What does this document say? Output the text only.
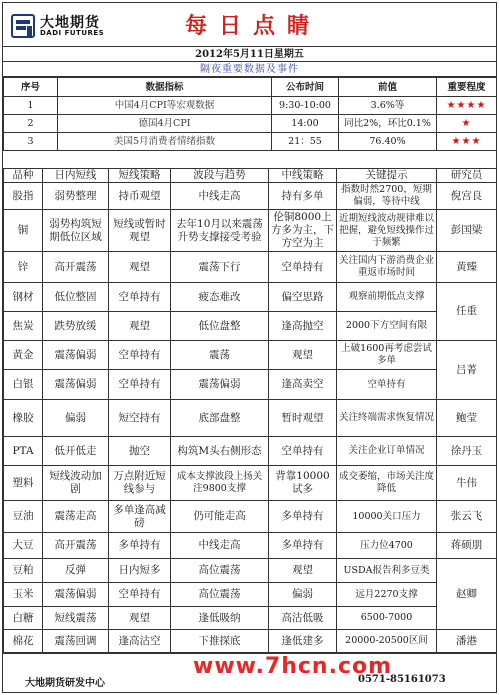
大地期货
DADI FUTURES	每日点睛
2012年5月11日星期五
隔夜重要数据及事件
序号	数据指标	公布时间	前值	重要程度
1	中国4月CPI等宏观数据	9:30-10:00	3.6%等	★★★★
2	德国4月CPI	14:00	同比2%，环比0.1%	★
3	美国5月消费者情绪指数	21：55	76.40%	★★★
品种	日内短线	短线策略	波段与趋势	中线策略	关键提示	研究员
股指	弱势整理	持币观望	中线走高	持有多单	指数时然2700，短期偏弱，等待中线	倪宫良
铜	弱势构筑短期低位区域	短线或暂时观望	去年10月以来震荡升势支撑接受考验	伦铜8000上方多为主，下方空为主	近期短线波动规律难以把握，避免短线操作过于频繁	彭国梁
锌	高开震荡	观望	震荡下行	空单持有	关注国内下游消费企业重返市场时间	黄臻
钢材	低位整固	空单持有	疲态难改	偏空思路	观察前期低点支撑	任重
焦炭	跌势放缓	观望	低位盘整	逢高抛空	2000下方空间有限	
黄金	震荡偏弱	空单持有	震荡	观望	上破1600再考虑尝试多单	吕菁
白银	震荡偏弱	空单持有	震荡偏弱	逢高卖空	空单持有	
橡胶	偏弱	短空持有	底部盘整	暂时观望	关注终端需求恢复情况	鲍莹
PTA	低开低走	抛空	构筑M头右侧形态	空单持有	关注企业订单情况	徐丹玉
塑料	短线波动加剧	万点附近短线参与	成本支撑波段上扬关注9800支撑	背靠10000试多	成交萎缩，市场关注度降低	牛伟
豆油	震荡走高	多单逢高减磅	仍可能走高	多单持有	10000关口压力	张云飞
大豆	高开震荡	多单持有	中线走高	多单持有	压力位4700	蒋硕朋
豆粕	反弹	日内短多	高位震荡	观望	USDA报告利多豆类	赵卿
玉米	震荡偏弱	空单持有	高位震荡	偏弱	远月2270支撑	
白糖	短线震荡	观望	逢低吸纳	高沽低吸	6500-7000	
棉花	震荡回调	逢高沽空	下推探底	逢低建多	20000-20500区间	潘港
www.7hcn.com
大地期货研发中心	0571-85161073
